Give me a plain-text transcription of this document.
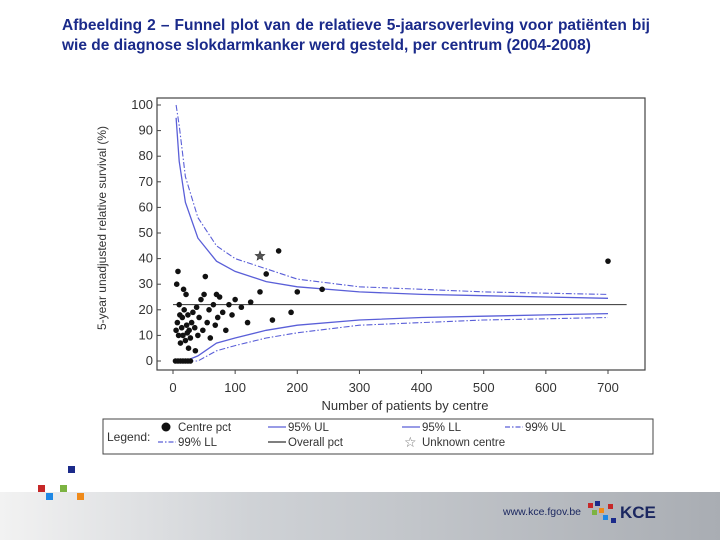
Afbeelding 2 – Funnel plot van de relatieve 5-jaarsoverleving voor patiënten bij wie de diagnose slokdarmkanker werd gesteld, per centrum (2004-2008)
0
10
20
30
40
50
60
70
80
90
100
0	100	200	300	400	500	600	700
Number of patients by centre
5-year unadjusted relative survival (%)
Legend:
Centre pct	95% UL	95% LL	99% UL
99% LL	Overall pct	☆ Unknown centre
www.kce.fgov.be KCE
